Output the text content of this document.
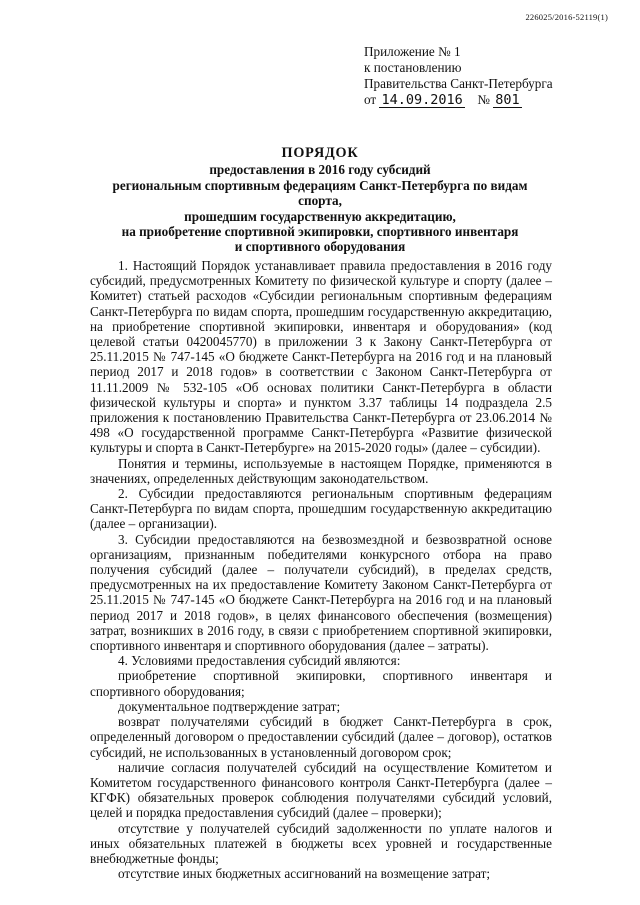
226025/2016-52119(1)
Приложение № 1
к постановлению
Правительства Санкт-Петербурга
от 14.09.2016 № 801
ПОРЯДОК
предоставления в 2016 году субсидий
региональным спортивным федерациям Санкт-Петербурга по видам спорта,
прошедшим государственную аккредитацию,
на приобретение спортивной экипировки, спортивного инвентаря
и спортивного оборудования

1. Настоящий Порядок устанавливает правила предоставления в 2016 году субсидий, предусмотренных Комитету по физической культуре и спорту (далее – Комитет) статьей расходов «Субсидии региональным спортивным федерациям Санкт-Петербурга по видам спорта, прошедшим государственную аккредитацию, на приобретение спортивной экипировки, инвентаря и оборудования» (код целевой статьи 0420045770) в приложении 3 к Закону Санкт-Петербурга от 25.11.2015 № 747-145 «О бюджете Санкт-Петербурга на 2016 год и на плановый период 2017 и 2018 годов» в соответствии с Законом Санкт-Петербурга от 11.11.2009 № 532-105 «Об основах политики Санкт-Петербурга в области физической культуры и спорта» и пунктом 3.37 таблицы 14 подраздела 2.5 приложения к постановлению Правительства Санкт-Петербурга от 23.06.2014 № 498 «О государственной программе Санкт-Петербурга «Развитие физической культуры и спорта в Санкт-Петербурге» на 2015-2020 годы» (далее – субсидии).

Понятия и термины, используемые в настоящем Порядке, применяются в значениях, определенных действующим законодательством.

2. Субсидии предоставляются региональным спортивным федерациям Санкт-Петербурга по видам спорта, прошедшим государственную аккредитацию (далее – организации).

3. Субсидии предоставляются на безвозмездной и безвозвратной основе организациям, признанным победителями конкурсного отбора на право получения субсидий (далее – получатели субсидий), в пределах средств, предусмотренных на их предоставление Комитету Законом Санкт-Петербурга от 25.11.2015 № 747-145 «О бюджете Санкт-Петербурга на 2016 год и на плановый период 2017 и 2018 годов», в целях финансового обеспечения (возмещения) затрат, возникших в 2016 году, в связи с приобретением спортивной экипировки, спортивного инвентаря и спортивного оборудования (далее – затраты).

4. Условиями предоставления субсидий являются:

приобретение спортивной экипировки, спортивного инвентаря и спортивного оборудования;

документальное подтверждение затрат;

возврат получателями субсидий в бюджет Санкт-Петербурга в срок, определенный договором о предоставлении субсидий (далее – договор), остатков субсидий, не использованных в установленный договором срок;

наличие согласия получателей субсидий на осуществление Комитетом и Комитетом государственного финансового контроля Санкт-Петербурга (далее – КГФК) обязательных проверок соблюдения получателями субсидий условий, целей и порядка предоставления субсидий (далее – проверки);

отсутствие у получателей субсидий задолженности по уплате налогов и иных обязательных платежей в бюджеты всех уровней и государственные внебюджетные фонды;

отсутствие иных бюджетных ассигнований на возмещение затрат;
